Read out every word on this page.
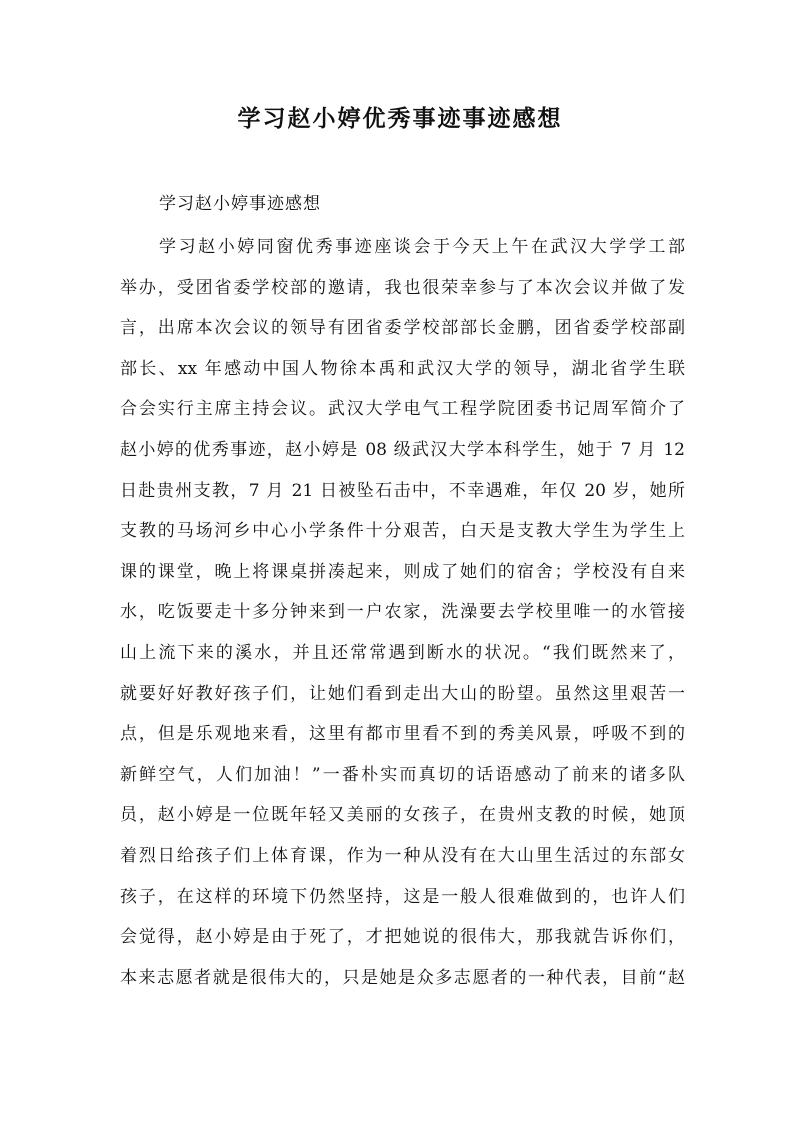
学习赵小婷优秀事迹事迹感想
学习赵小婷事迹感想
学习赵小婷同窗优秀事迹座谈会于今天上午在武汉大学学工部
举办，受团省委学校部的邀请，我也很荣幸参与了本次会议并做了发
言，出席本次会议的领导有团省委学校部部长金鹏，团省委学校部副
部长、xx 年感动中国人物徐本禹和武汉大学的领导，湖北省学生联
合会实行主席主持会议。武汉大学电气工程学院团委书记周军简介了
赵小婷的优秀事迹，赵小婷是 08 级武汉大学本科学生，她于 7 月 12
日赴贵州支教，7 月 21 日被坠石击中，不幸遇难，年仅 20 岁，她所
支教的马场河乡中心小学条件十分艰苦，白天是支教大学生为学生上
课的课堂，晚上将课桌拼凑起来，则成了她们的宿舍；学校没有自来
水，吃饭要走十多分钟来到一户农家，洗澡要去学校里唯一的水管接
山上流下来的溪水，并且还常常遇到断水的状况。“我们既然来了，
就要好好教好孩子们，让她们看到走出大山的盼望。虽然这里艰苦一
点，但是乐观地来看，这里有都市里看不到的秀美风景，呼吸不到的
新鲜空气，人们加油！”一番朴实而真切的话语感动了前来的诸多队
员，赵小婷是一位既年轻又美丽的女孩子，在贵州支教的时候，她顶
着烈日给孩子们上体育课，作为一种从没有在大山里生活过的东部女
孩子，在这样的环境下仍然坚持，这是一般人很难做到的，也许人们
会觉得，赵小婷是由于死了，才把她说的很伟大，那我就告诉你们，
本来志愿者就是很伟大的，只是她是众多志愿者的一种代表，目前“赵
